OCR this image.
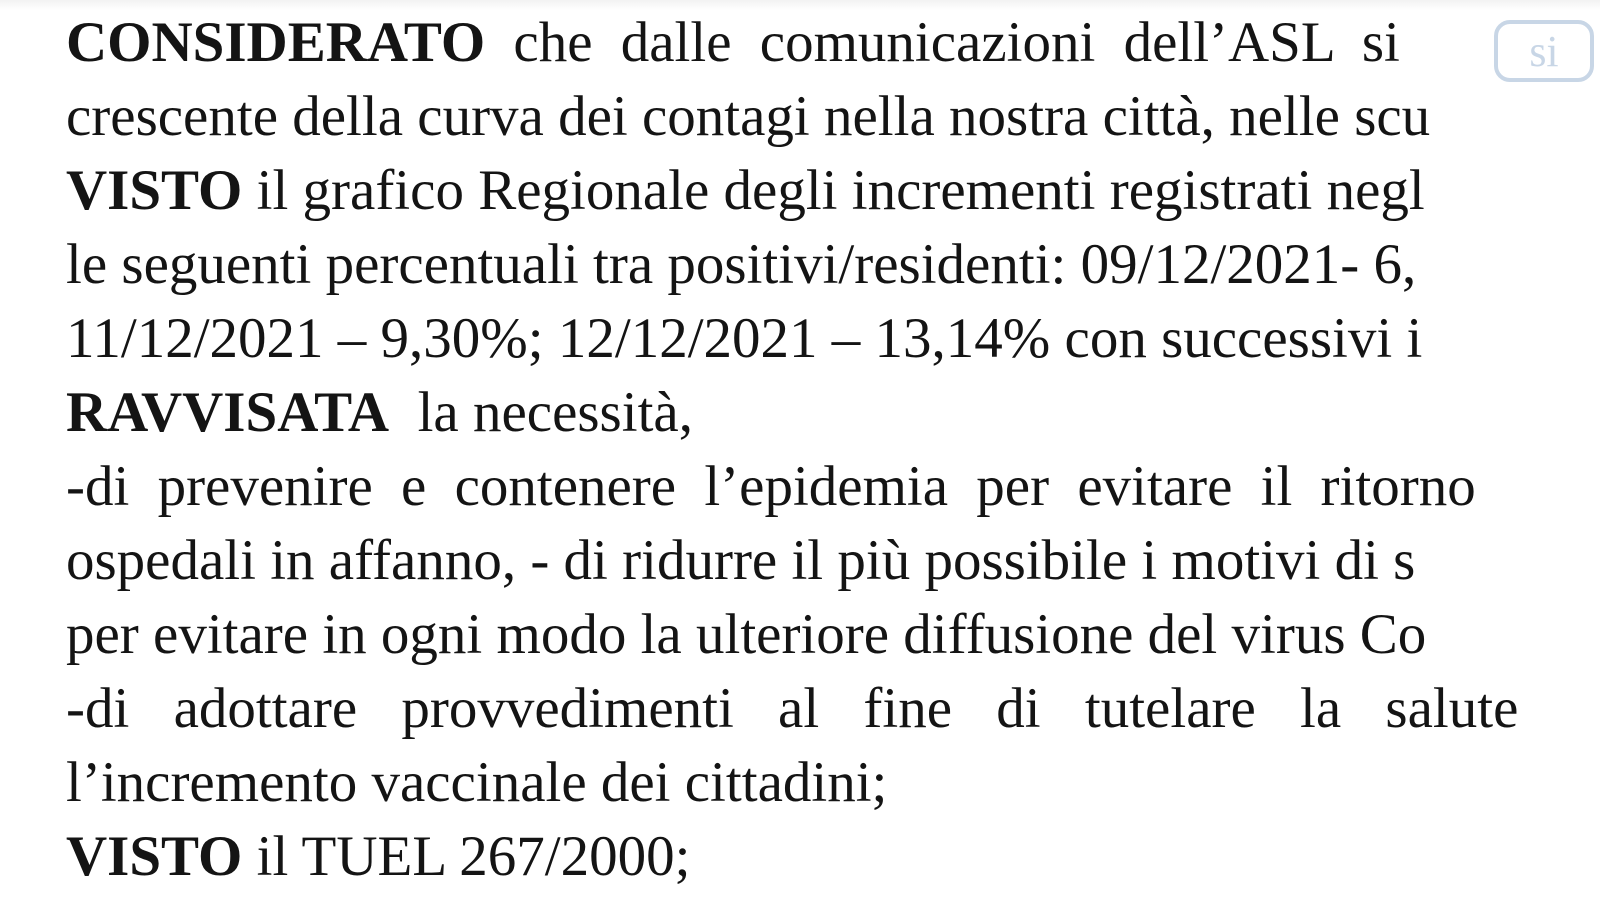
CONSIDERATO che dalle comunicazioni dell’ASL si
crescente della curva dei contagi nella nostra città, nelle scu
VISTO il grafico Regionale degli incrementi registrati negl
le seguenti percentuali tra positivi/residenti: 09/12/2021- 6,
11/12/2021 – 9,30%; 12/12/2021 – 13,14% con successivi i
RAVVISATA  la necessità,
-di prevenire e contenere l’epidemia per evitare il ritorno
ospedali in affanno, - di ridurre il più possibile i motivi di s
per evitare in ogni modo la ulteriore diffusione del virus Co
-di adottare provvedimenti al fine di tutelare la salute
l’incremento vaccinale dei cittadini;
VISTO il TUEL 267/2000;
si
